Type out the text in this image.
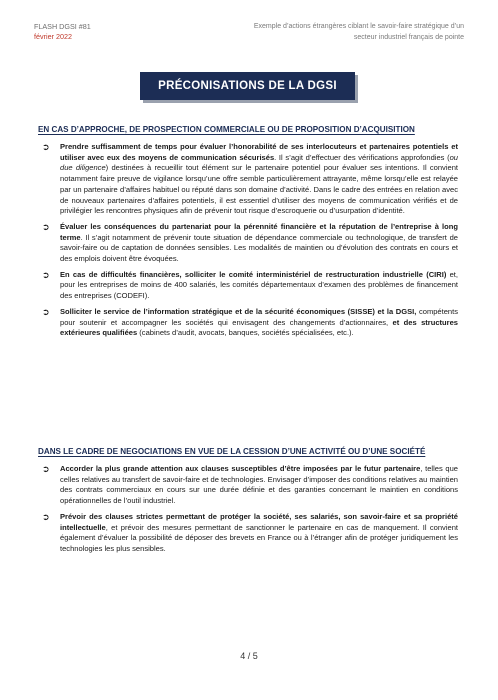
FLASH DGSI #81
février 2022
Exemple d’actions étrangères ciblant le savoir-faire stratégique d’un
secteur industriel français de pointe
PRÉCONISATIONS DE LA DGSI
EN CAS D’APPROCHE, DE PROSPECTION COMMERCIALE OU DE PROPOSITION D’ACQUISITION
➲ Prendre suffisamment de temps pour évaluer l’honorabilité de ses interlocuteurs et partenaires potentiels et utiliser avec eux des moyens de communication sécurisés. Il s’agit d’effectuer des vérifications approfondies (ou due diligence) destinées à recueillir tout élément sur le partenaire potentiel pour évaluer ses intentions. Il convient notamment faire preuve de vigilance lorsqu’une offre semble particulièrement attrayante, même lorsqu’elle est relayée par un partenaire d’affaires habituel ou réputé dans son domaine d’activité. Dans le cadre des entrées en relation avec de nouveaux partenaires d’affaires potentiels, il est essentiel d’utiliser des moyens de communication vérifiés et de privilégier les rencontres physiques afin de prévenir tout risque d’escroquerie ou d’usurpation d’identité.
➲ Évaluer les conséquences du partenariat pour la pérennité financière et la réputation de l’entreprise à long terme. Il s’agit notamment de prévenir toute situation de dépendance commerciale ou technologique, de transfert de savoir-faire ou de captation de données sensibles. Les modalités de maintien ou d’évolution des contrats en cours et des emplois doivent être évoquées.
➲ En cas de difficultés financières, solliciter le comité interministériel de restructuration industrielle (CIRI) et, pour les entreprises de moins de 400 salariés, les comités départementaux d’examen des problèmes de financement des entreprises (CODEFI).
➲ Solliciter le service de l’information stratégique et de la sécurité économiques (SISSE) et la DGSI, compétents pour soutenir et accompagner les sociétés qui envisagent des changements d’actionnaires, et des structures extérieures qualifiées (cabinets d’audit, avocats, banques, sociétés spécialisées, etc.).
DANS LE CADRE DE NEGOCIATIONS EN VUE DE LA CESSION D’UNE ACTIVITÉ OU D’UNE SOCIÉTÉ
➲ Accorder la plus grande attention aux clauses susceptibles d’être imposées par le futur partenaire, telles que celles relatives au transfert de savoir-faire et de technologies. Envisager d’imposer des conditions relatives au maintien des contrats commerciaux en cours sur une durée définie et des garanties concernant le maintien en conditions opérationnelles de l’outil industriel.
➲ Prévoir des clauses strictes permettant de protéger la société, ses salariés, son savoir-faire et sa propriété intellectuelle, et prévoir des mesures permettant de sanctionner le partenaire en cas de manquement. Il convient également d’évaluer la possibilité de déposer des brevets en France ou à l’étranger afin de protéger juridiquement les technologies les plus sensibles.
4 / 5
